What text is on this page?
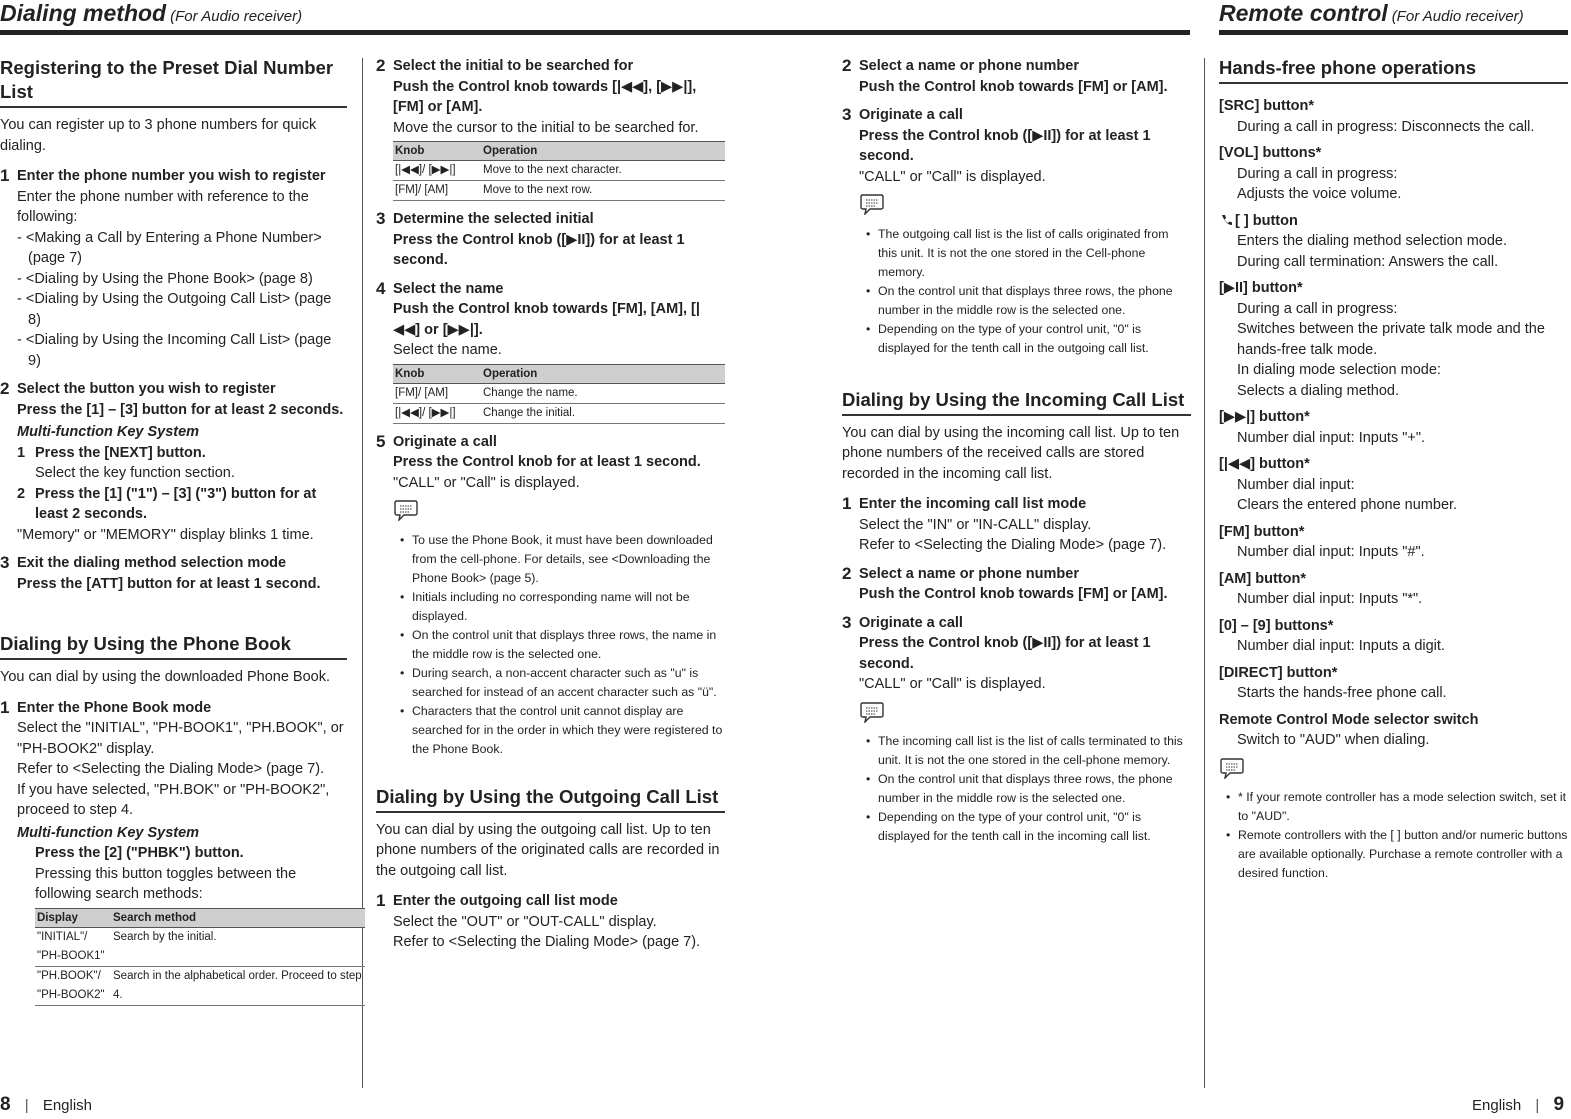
Dialing method (For Audio receiver)	Remote control (For Audio receiver)
Registering to the Preset Dial Number List
You can register up to 3 phone numbers for quick dialing.
1 Enter the phone number you wish to register
Enter the phone number with reference to the following:
- <Making a Call by Entering a Phone Number> (page 7)
- <Dialing by Using the Phone Book> (page 8)
- <Dialing by Using the Outgoing Call List> (page 8)
- <Dialing by Using the Incoming Call List> (page 9)
2 Select the button you wish to register
Press the [1] – [3] button for at least 2 seconds.
Multi-function Key System
1 Press the [NEXT] button.
Select the key function section.
2 Press the [1] ("1") – [3] ("3") button for at least 2 seconds.
"Memory" or "MEMORY" display blinks 1 time.
3 Exit the dialing method selection mode
Press the [ATT] button for at least 1 second.
Dialing by Using the Phone Book
You can dial by using the downloaded Phone Book.
1 Enter the Phone Book mode
Select the "INITIAL", "PH-BOOK1", "PH.BOOK", or "PH-BOOK2" display.
Refer to <Selecting the Dialing Mode> (page 7).
If you have selected, "PH.BOK" or "PH-BOOK2", proceed to step 4.
Multi-function Key System
Press the [2] ("PHBK") button.
Pressing this button toggles between the following search methods:
Display	Search method
"INITIAL"/ "PH-BOOK1"	Search by the initial.
"PH.BOOK"/ "PH-BOOK2"	Search in the alphabetical order. Proceed to step 4.
2 Select the initial to be searched for
Push the Control knob towards [|◀◀], [▶▶|], [FM] or [AM].
Move the cursor to the initial to be searched for.
Knob	Operation
[|◀◀]/ [▶▶|]	Move to the next character.
[FM]/ [AM]	Move to the next row.
3 Determine the selected initial
Press the Control knob ([▶II]) for at least 1 second.
4 Select the name
Push the Control knob towards [FM], [AM], [|◀◀] or [▶▶|].
Select the name.
Knob	Operation
[FM]/ [AM]	Change the name.
[|◀◀]/ [▶▶|]	Change the initial.
5 Originate a call
Press the Control knob for at least 1 second.
"CALL" or "Call" is displayed.
• To use the Phone Book, it must have been downloaded from the cell-phone. For details, see <Downloading the Phone Book> (page 5).
• Initials including no corresponding name will not be displayed.
• On the control unit that displays three rows, the name in the middle row is the selected one.
• During search, a non-accent character such as "u" is searched for instead of an accent character such as "ü".
• Characters that the control unit cannot display are searched for in the order in which they were registered to the Phone Book.
Dialing by Using the Outgoing Call List
You can dial by using the outgoing call list. Up to ten phone numbers of the originated calls are recorded in the outgoing call list.
1 Enter the outgoing call list mode
Select the "OUT" or "OUT-CALL" display.
Refer to <Selecting the Dialing Mode> (page 7).
2 Select a name or phone number
Push the Control knob towards [FM] or [AM].
3 Originate a call
Press the Control knob ([▶II]) for at least 1 second.
"CALL" or "Call" is displayed.
• The outgoing call list is the list of calls originated from this unit. It is not the one stored in the Cell-phone memory.
• On the control unit that displays three rows, the phone number in the middle row is the selected one.
• Depending on the type of your control unit, "0" is displayed for the tenth call in the outgoing call list.
Dialing by Using the Incoming Call List
You can dial by using the incoming call list. Up to ten phone numbers of the received calls are stored recorded in the incoming call list.
1 Enter the incoming call list mode
Select the "IN" or "IN-CALL" display.
Refer to <Selecting the Dialing Mode> (page 7).
2 Select a name or phone number
Push the Control knob towards [FM] or [AM].
3 Originate a call
Press the Control knob ([▶II]) for at least 1 second.
"CALL" or "Call" is displayed.
• The incoming call list is the list of calls terminated to this unit. It is not the one stored in the cell-phone memory.
• On the control unit that displays three rows, the phone number in the middle row is the selected one.
• Depending on the type of your control unit, "0" is displayed for the tenth call in the incoming call list.
Hands-free phone operations
[SRC] button*
During a call in progress: Disconnects the call.
[VOL] buttons*
During a call in progress:
Adjusts the voice volume.
[ ] button
Enters the dialing method selection mode.
During call termination: Answers the call.
[▶II] button*
During a call in progress:
Switches between the private talk mode and the hands-free talk mode.
In dialing mode selection mode:
Selects a dialing method.
[▶▶|] button*
Number dial input: Inputs "+".
[|◀◀] button*
Number dial input:
Clears the entered phone number.
[FM] button*
Number dial input: Inputs "#".
[AM] button*
Number dial input: Inputs "*".
[0] – [9] buttons*
Number dial input: Inputs a digit.
[DIRECT] button*
Starts the hands-free phone call.
Remote Control Mode selector switch
Switch to "AUD" when dialing.
• * If your remote controller has a mode selection switch, set it to "AUD".
• Remote controllers with the [ ] button and/or numeric buttons are available optionally. Purchase a remote controller with a desired function.
8 | English	English | 9
